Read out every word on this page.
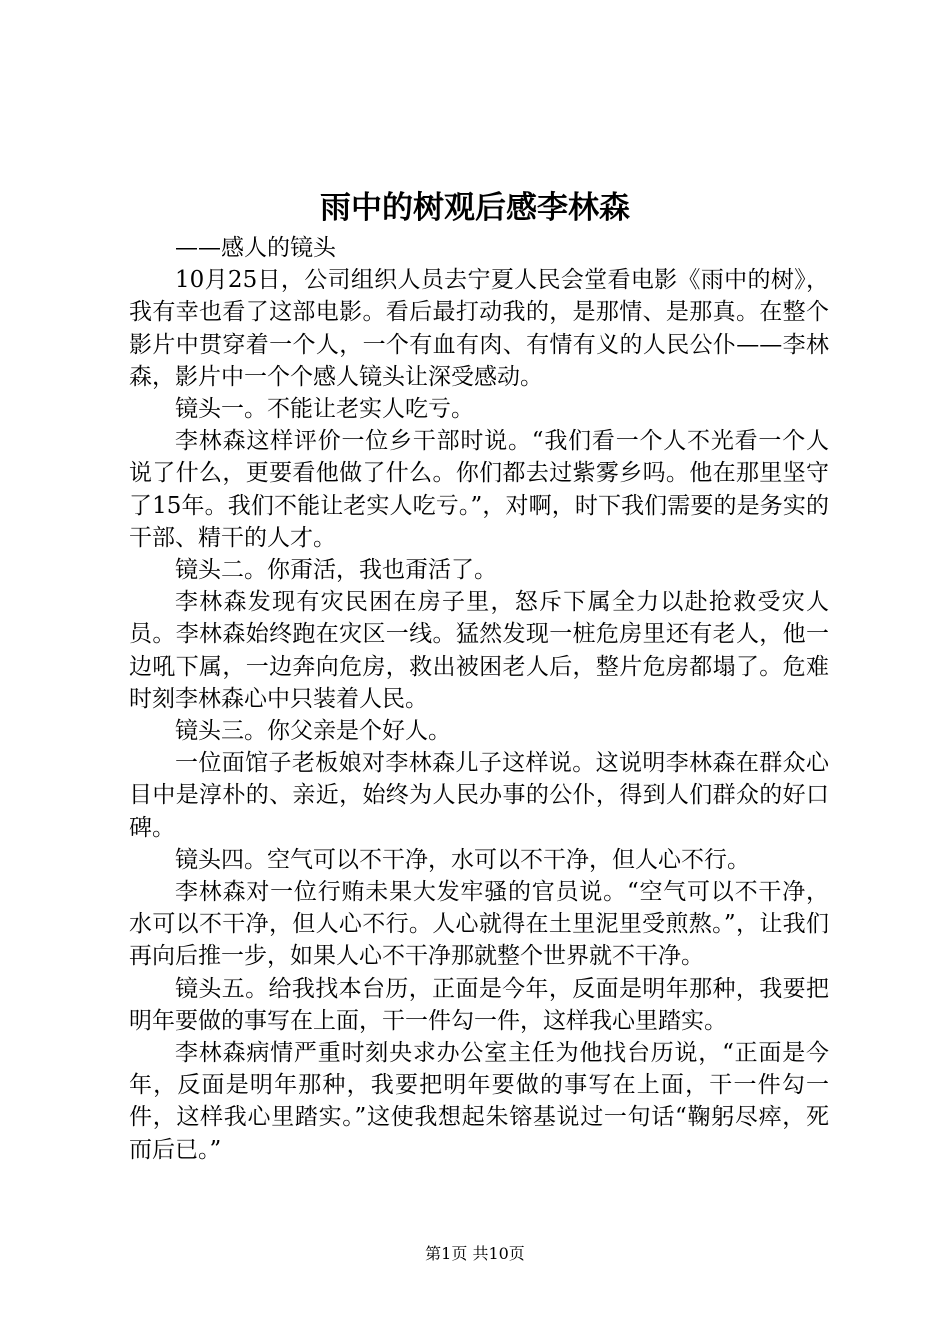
雨中的树观后感李林森

——感人的镜头

10月25日，公司组织人员去宁夏人民会堂看电影《雨中的树》，我有幸也看了这部电影。看后最打动我的，是那情、是那真。在整个影片中贯穿着一个人，一个有血有肉、有情有义的人民公仆——李林森，影片中一个个感人镜头让深受感动。

镜头一。不能让老实人吃亏。

李林森这样评价一位乡干部时说。“我们看一个人不光看一个人说了什么，更要看他做了什么。你们都去过紫雾乡吗。他在那里坚守了15年。我们不能让老实人吃亏。”，对啊，时下我们需要的是务实的干部、精干的人才。

镜头二。你甭活，我也甭活了。

李林森发现有灾民困在房子里，怒斥下属全力以赴抢救受灾人员。李林森始终跑在灾区一线。猛然发现一桩危房里还有老人，他一边吼下属，一边奔向危房，救出被困老人后，整片危房都塌了。危难时刻李林森心中只装着人民。

镜头三。你父亲是个好人。

一位面馆子老板娘对李林森儿子这样说。这说明李林森在群众心目中是淳朴的、亲近，始终为人民办事的公仆，得到人们群众的好口碑。

镜头四。空气可以不干净，水可以不干净，但人心不行。

李林森对一位行贿未果大发牢骚的官员说。“空气可以不干净，水可以不干净，但人心不行。人心就得在土里泥里受煎熬。”，让我们再向后推一步，如果人心不干净那就整个世界就不干净。

镜头五。给我找本台历，正面是今年，反面是明年那种，我要把明年要做的事写在上面，干一件勾一件，这样我心里踏实。

李林森病情严重时刻央求办公室主任为他找台历说，“正面是今年，反面是明年那种，我要把明年要做的事写在上面，干一件勾一件，这样我心里踏实。”这使我想起朱镕基说过一句话“鞠躬尽瘁，死而后已。”

第1页 共10页
